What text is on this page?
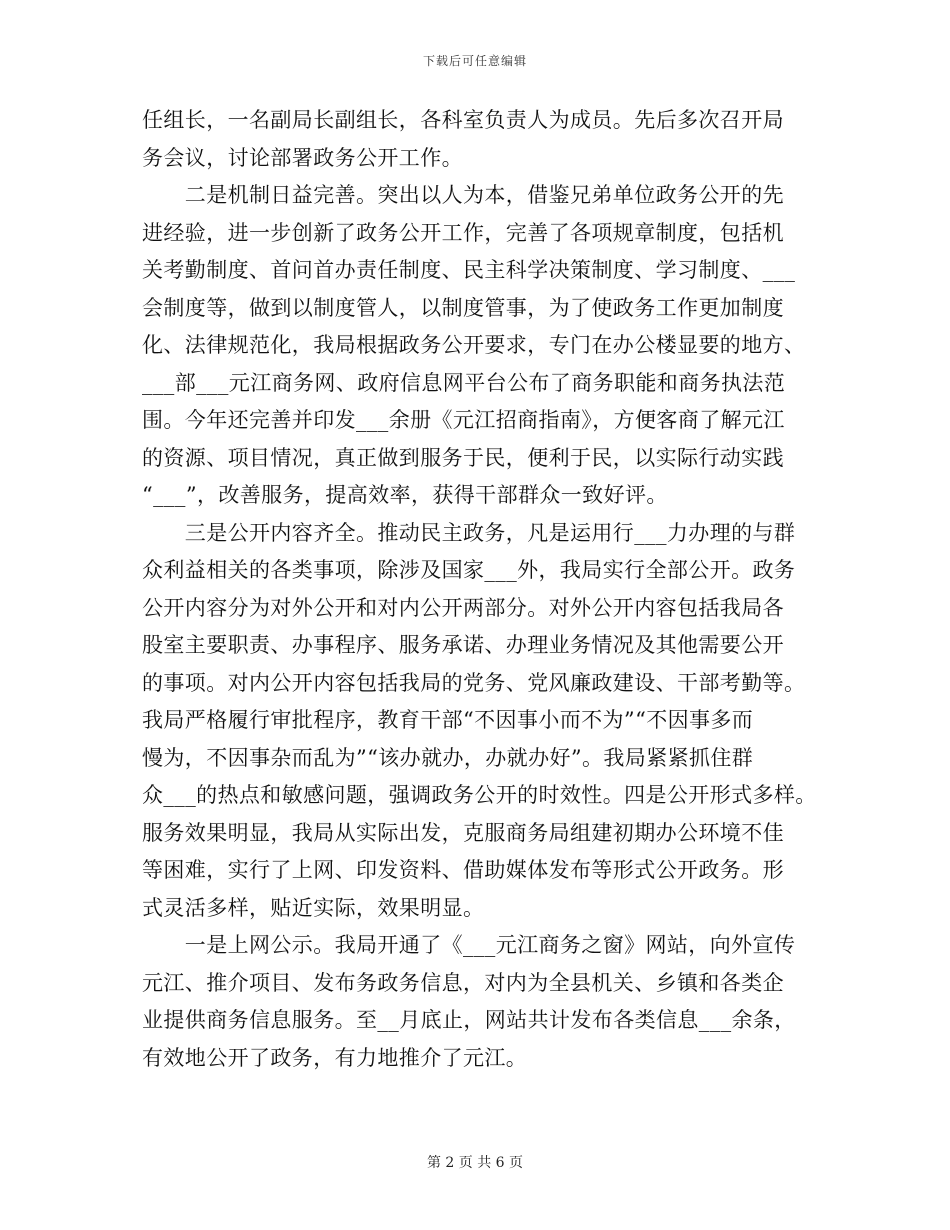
下载后可任意编辑
任组长，一名副局长副组长，各科室负责人为成员。先后多次召开局
务会议，讨论部署政务公开工作。
　　二是机制日益完善。突出以人为本，借鉴兄弟单位政务公开的先
进经验，进一步创新了政务公开工作，完善了各项规章制度，包括机
关考勤制度、首问首办责任制度、民主科学决策制度、学习制度、___
会制度等，做到以制度管人，以制度管事，为了使政务工作更加制度
化、法律规范化，我局根据政务公开要求，专门在办公楼显要的地方、
___部___元江商务网、政府信息网平台公布了商务职能和商务执法范
围。今年还完善并印发___余册《元江招商指南》，方便客商了解元江
的资源、项目情况，真正做到服务于民，便利于民，以实际行动实践
“___”，改善服务，提高效率，获得干部群众一致好评。
　　三是公开内容齐全。推动民主政务，凡是运用行___力办理的与群
众利益相关的各类事项，除涉及国家___外，我局实行全部公开。政务
公开内容分为对外公开和对内公开两部分。对外公开内容包括我局各
股室主要职责、办事程序、服务承诺、办理业务情况及其他需要公开
的事项。对内公开内容包括我局的党务、党风廉政建设、干部考勤等。
我局严格履行审批程序，教育干部“不因事小而不为”“不因事多而
慢为，不因事杂而乱为”“该办就办，办就办好”。我局紧紧抓住群
众___的热点和敏感问题，强调政务公开的时效性。四是公开形式多样。
服务效果明显，我局从实际出发，克服商务局组建初期办公环境不佳
等困难，实行了上网、印发资料、借助媒体发布等形式公开政务。形
式灵活多样，贴近实际，效果明显。
　　一是上网公示。我局开通了《___元江商务之窗》网站，向外宣传
元江、推介项目、发布务政务信息，对内为全县机关、乡镇和各类企
业提供商务信息服务。至__月底止，网站共计发布各类信息___余条，
有效地公开了政务，有力地推介了元江。
第 2 页 共 6 页
